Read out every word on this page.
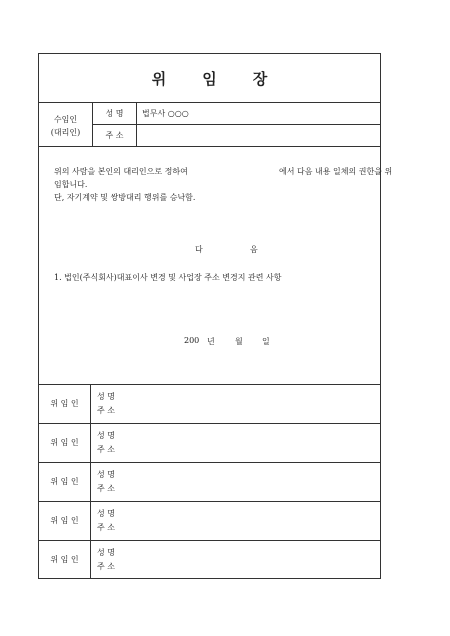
위 임 장
수임인
(대리인)
성 명	법무사 ○○○
주 소
위의 사람을 본인의 대리인으로 정하여	에서 다음 내용 일체의 권한을 위
임합니다.
단, 자기계약 및 쌍방대리 행위를 승낙함.
다	음
1. 법인(주식회사)대표이사 변경 및 사업장 주소 변경지 관련 사항
200 년	월 일
위 임 인
성 명
주 소
위 임 인
성 명
주 소
위 임 인
성 명
주 소
위 임 인
성 명
주 소
위 임 인
성 명
주 소
